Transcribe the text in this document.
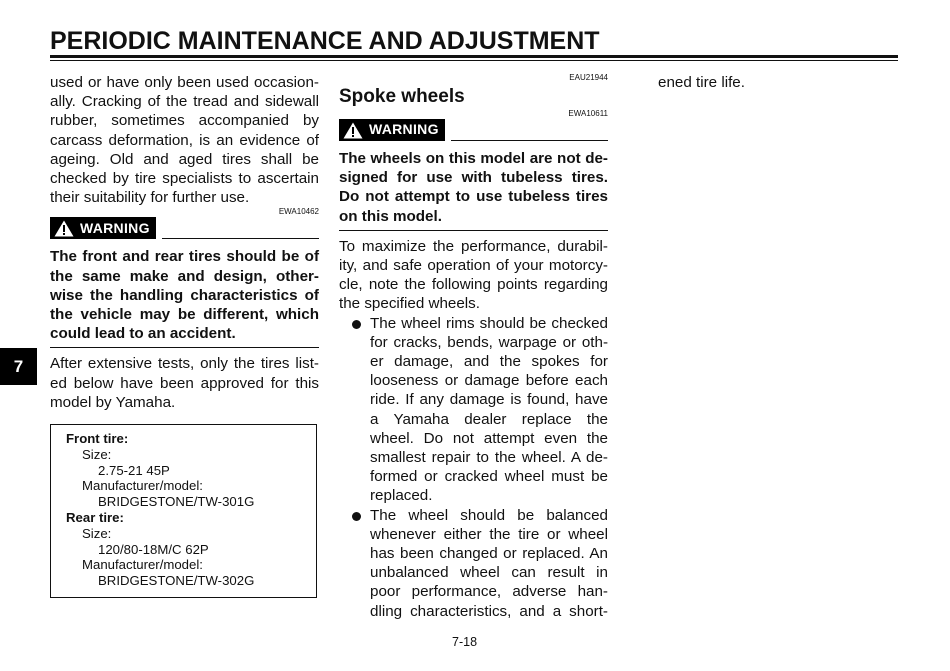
PERIODIC MAINTENANCE AND ADJUSTMENT
7
used or have only been used occasion-
ally. Cracking of the tread and sidewall
rubber, sometimes accompanied by
carcass deformation, is an evidence of
ageing. Old and aged tires shall be
checked by tire specialists to ascertain
their suitability for further use.
EWA10462
WARNING
The front and rear tires should be of
the same make and design, other-
wise the handling characteristics of
the vehicle may be different, which
could lead to an accident.
After extensive tests, only the tires list-
ed below have been approved for this
model by Yamaha.
Front tire:
Size:
2.75-21 45P
Manufacturer/model:
BRIDGESTONE/TW-301G
Rear tire:
Size:
120/80-18M/C 62P
Manufacturer/model:
BRIDGESTONE/TW-302G
EAU21944
Spoke wheels
EWA10611
WARNING
The wheels on this model are not de-
signed for use with tubeless tires.
Do not attempt to use tubeless tires
on this model.
To maximize the performance, durabil-
ity, and safe operation of your motorcy-
cle, note the following points regarding
the specified wheels.
The wheel rims should be checked
for cracks, bends, warpage or oth-
er damage, and the spokes for
looseness or damage before each
ride. If any damage is found, have
a Yamaha dealer replace the
wheel. Do not attempt even the
smallest repair to the wheel. A de-
formed or cracked wheel must be
replaced.
The wheel should be balanced
whenever either the tire or wheel
has been changed or replaced. An
unbalanced wheel can result in
poor performance, adverse han-
dling characteristics, and a short-
ened tire life.
7-18
